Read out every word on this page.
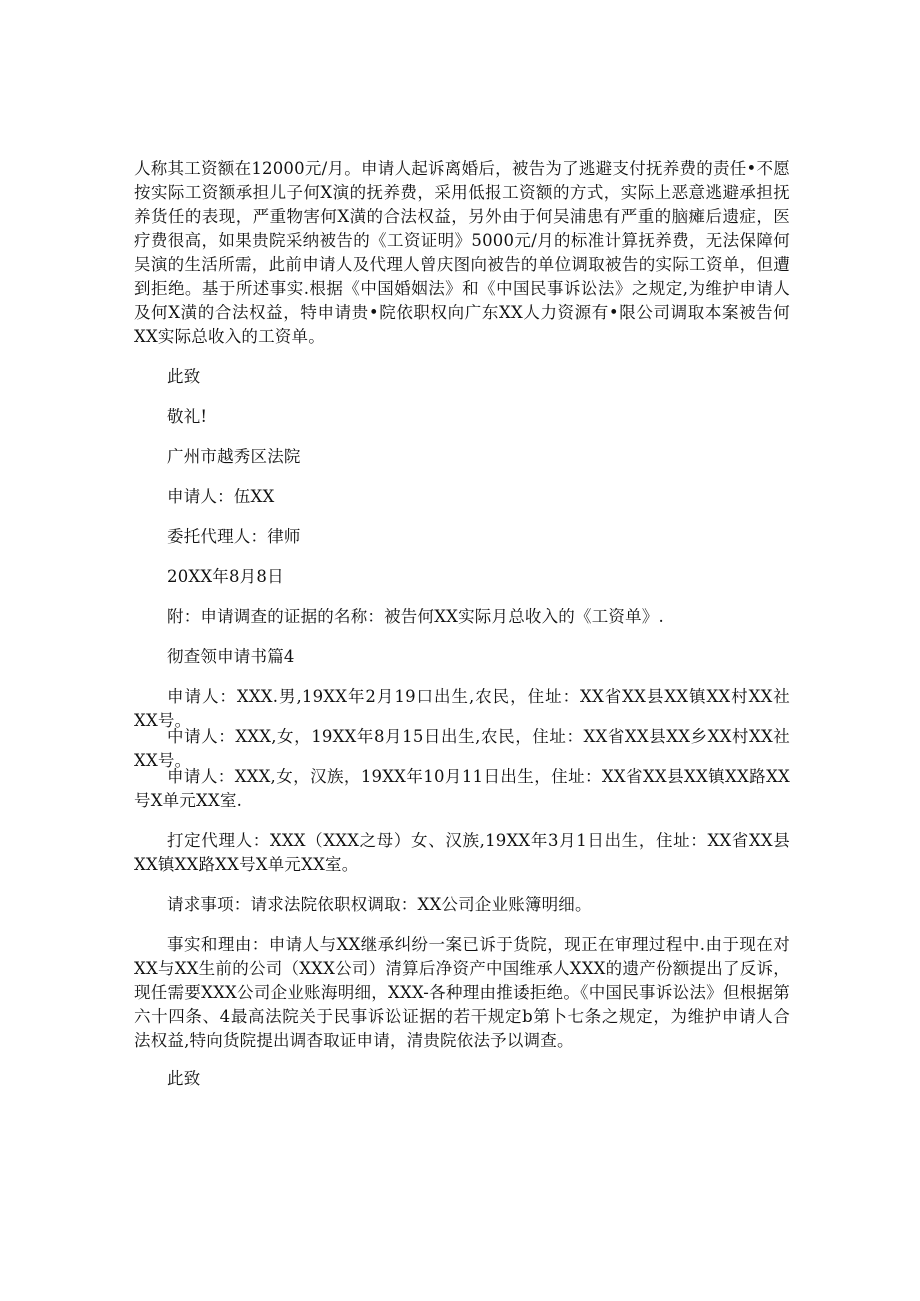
人称其工资额在12000元/月。申请人起诉离婚后，被告为了逃避支付抚养费的责任•不愿按实际工资额承担儿子何X演的抚养费，采用低报工资额的方式，实际上恶意逃避承担抚养货任的表现，严重物害何X潢的合法权益，另外由于何吴浦患有严重的脑瘫后遗症，医疗费很高，如果贵院采纳被告的《工资证明》5000元/月的标准计算抚养费，无法保障何吴演的生活所需，此前申请人及代理人曾庆图向被告的单位调取被告的实际工资单，但遭到拒绝。基于所述事实.根据《中国婚姻法》和《中国民事诉讼法》之规定,为维护申请人及何X潢的合法权益，特申请贵•院依职权向广东XX人力资源有•限公司调取本案被告何XX实际总收入的工资单。

此致

敬礼!

广州市越秀区法院

申请人：伍XX

委托代理人：律师

20XX年8月8日

附：申请调查的证据的名称：被告何XX实际月总收入的《工资单》.

彻查领申请书篇4

申请人：XXX.男,19XX年2月19口出生,农民，住址：XX省XX县XX镇XX村XX社XX号。

中请人：XXX,女，19XX年8月15日出生,农民，住址：XX省XX县XX乡XX村XX社XX号。

申请人：XXX,女，汉族，19XX年10月11日出生，住址：XX省XX县XX镇XX路XX号X单元XX室.

打定代理人：XXX（XXX之母）女、汉族,19XX年3月1日出生，住址：XX省XX县XX镇XX路XX号X单元XX室。

请求事项：请求法院依职权调取：XX公司企业账簿明细。

事实和理由：申请人与XX继承纠纷一案已诉于货院，现正在审理过程中.由于现在对XX与XX生前的公司（XXX公司）清算后净资产中国维承人XXX的遗产份额提出了反诉，现任需要XXX公司企业账海明细，XXX-各种理由推诿拒绝。《中国民事诉讼法》但根据第六十四条、4最高法院关于民事诉讼证据的若干规定b第卜七条之规定，为维护申请人合法权益,特向货院提出调杳取证申请，清贵院依法予以调查。

此致
